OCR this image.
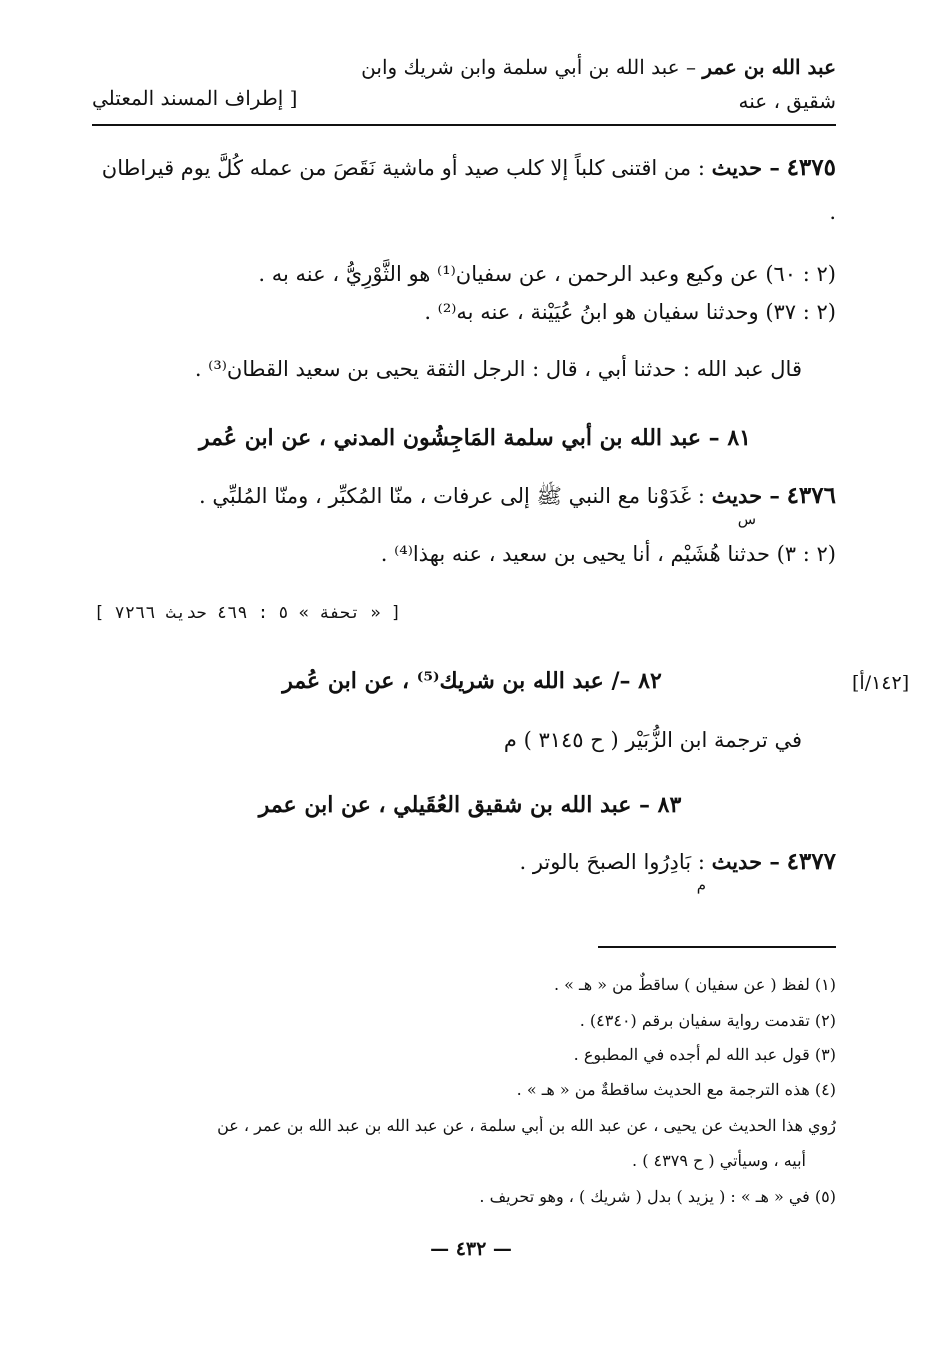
عبد الله بن عمر – عبد الله بن أبي سلمة وابن شريك وابن
شقيق ، عنه
[ إطراف المسند المعتلي
٤٣٧٥ – حديث : من اقتنى كلباً إلا كلب صيد أو ماشية نَقَصَ من عمله كُلَّ يوم قيراطان .
(٢ : ٦٠) عن وكيع وعبد الرحمن ، عن سفيان⁽¹⁾ هو الثَّوْرِيُّ ، عنه به .
(٢ : ٣٧) وحدثنا سفيان هو ابنُ عُيَيْنة ، عنه به⁽²⁾ .
قال عبد الله : حدثنا أبي ، قال : الرجل الثقة يحيى بن سعيد القطان⁽³⁾ .
٨١ – عبد الله بن أبي سلمة المَاجِشُون المدني ، عن ابن عُمر
٤٣٧٦ – حديث : غَدَوْنا مع النبي ﷺ إلى عرفات ، منّا المُكبِّر ، ومنّا المُلبِّي .
س
(٢ : ٣) حدثنا هُشَيْم ، أنا يحيى بن سعيد ، عنه بهذا⁽⁴⁾ .
[ « تحفة » ٥ : ٤٦٩ حديث ٧٢٦٦ ]
[١٤٢/أ]
٨٢ –/ عبد الله بن شريك⁽⁵⁾ ، عن ابن عُمر
في ترجمة ابن الزُّبَيْر ( ح ٣١٤٥ ) م
٨٣ – عبد الله بن شقيق العُقَيلي ، عن ابن عمر
٤٣٧٧ – حديث : بَادِرُوا الصبحَ بالوتر .
م
(١) لفظ ( عن سفيان ) ساقطٌ من « هـ » .
(٢) تقدمت رواية سفيان برقم (٤٣٤٠) .
(٣) قول عبد الله لم أجده في المطبوع .
(٤) هذه الترجمة مع الحديث ساقطةٌ من « هـ » .
رُوي هذا الحديث عن يحيى ، عن عبد الله بن أبي سلمة ، عن عبد الله بن عبد الله بن عمر ، عن
أبيه ، وسيأتي ( ح ٤٣٧٩ ) .
(٥) في « هـ » : ( يزيد ) بدل ( شريك ) ، وهو تحريف .
— ٤٣٢ —
